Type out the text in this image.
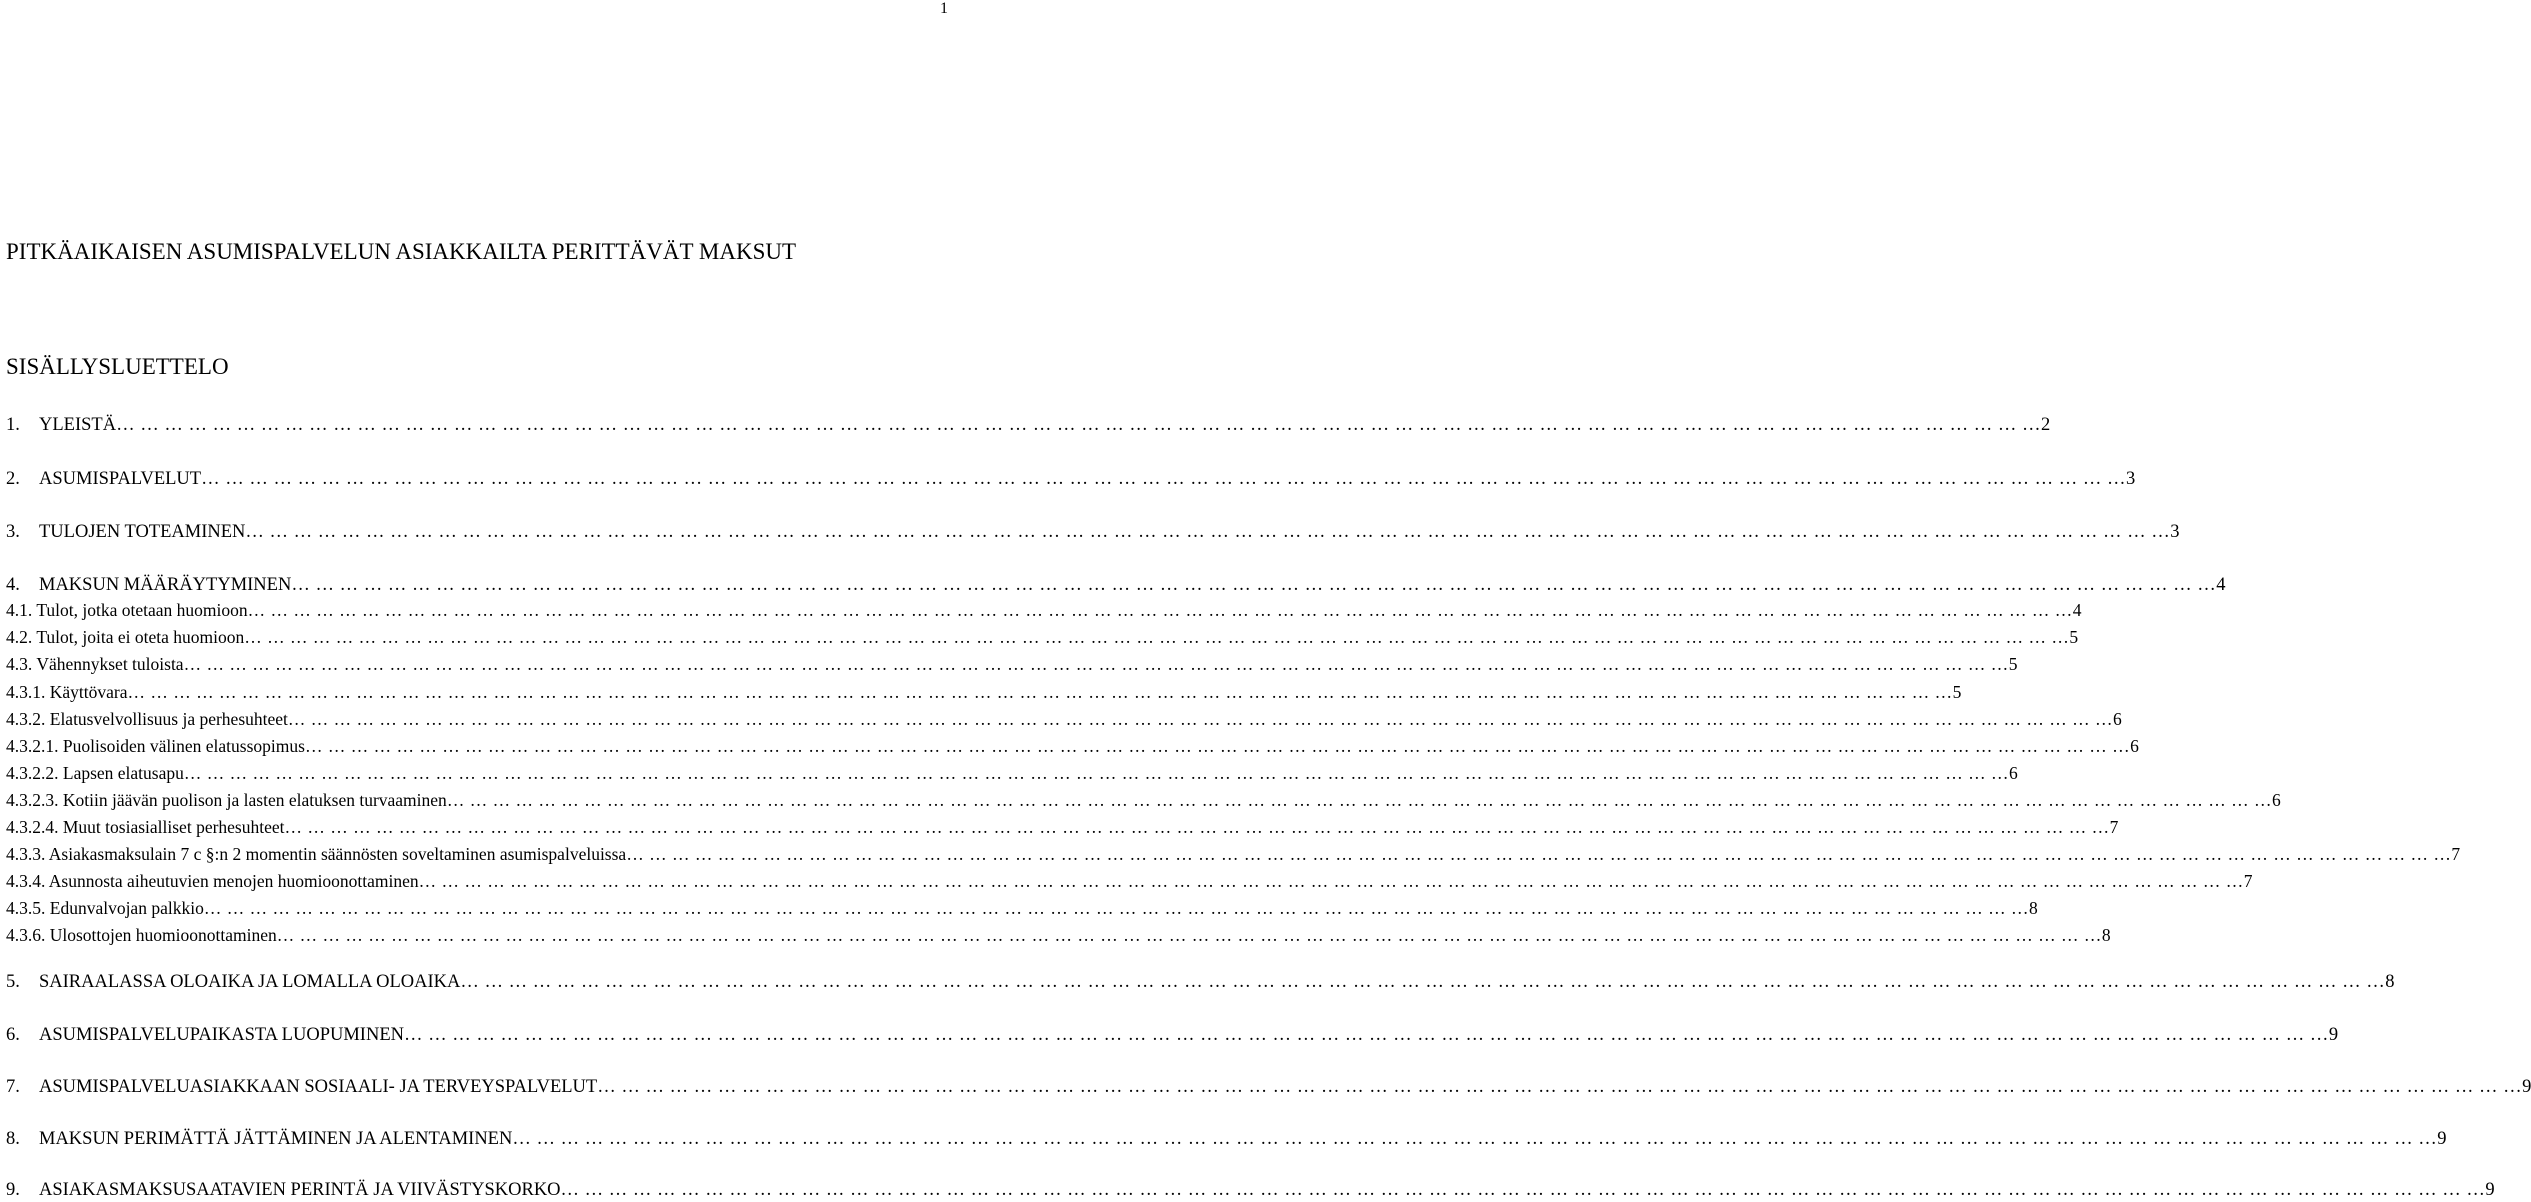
1
PITKÄAIKAISEN ASUMISPALVELUN ASIAKKAILTA PERITTÄVÄT MAKSUT
SISÄLLYSLUETTELO
1. YLEISTÄ … … … … … … … … … … … … … … … … … … … … … … … … … … … … … … … … … … … … … … … … … … … … … … … … … … … … … … … … … … … … … … … … … … … … … … … … … … … … … … … … 2
2. ASUMISPALVELUT … … … … … … … … … … … … … … … … … … … … … … … … … … … … … … … … … … … … … … … … … … … … … … … … … … … … … … … … … … … … … … … … … … … … … … … … … … … … … … … … 3
3. TULOJEN TOTEAMINEN … … … … … … … … … … … … … … … … … … … … … … … … … … … … … … … … … … … … … … … … … … … … … … … … … … … … … … … … … … … … … … … … … … … … … … … … … … … … … … … … 3
4. MAKSUN MÄÄRÄYTYMINEN … … … … … … … … … … … … … … … … … … … … … … … … … … … … … … … … … … … … … … … … … … … … … … … … … … … … … … … … … … … … … … … … … … … … … … … … … … … … … … … … 4
4.1. Tulot, jotka otetaan huomioon … … … … … … … … … … … … … … … … … … … … … … … … … … … … … … … … … … … … … … … … … … … … … … … … … … … … … … … … … … … … … … … … … … … … … … … … … … … … … … … … 4
4.2. Tulot, joita ei oteta huomioon … … … … … … … … … … … … … … … … … … … … … … … … … … … … … … … … … … … … … … … … … … … … … … … … … … … … … … … … … … … … … … … … … … … … … … … … … … … … … … … … 5
4.3. Vähennykset tuloista … … … … … … … … … … … … … … … … … … … … … … … … … … … … … … … … … … … … … … … … … … … … … … … … … … … … … … … … … … … … … … … … … … … … … … … … … … … … … … … … 5
4.3.1. Käyttövara … … … … … … … … … … … … … … … … … … … … … … … … … … … … … … … … … … … … … … … … … … … … … … … … … … … … … … … … … … … … … … … … … … … … … … … … … … … … … … … … 5
4.3.2. Elatusvelvollisuus ja perhesuhteet … … … … … … … … … … … … … … … … … … … … … … … … … … … … … … … … … … … … … … … … … … … … … … … … … … … … … … … … … … … … … … … … … … … … … … … … … … … … … … … … 6
4.3.2.1. Puolisoiden välinen elatussopimus … … … … … … … … … … … … … … … … … … … … … … … … … … … … … … … … … … … … … … … … … … … … … … … … … … … … … … … … … … … … … … … … … … … … … … … … … … … … … … … … 6
4.3.2.2. Lapsen elatusapu … … … … … … … … … … … … … … … … … … … … … … … … … … … … … … … … … … … … … … … … … … … … … … … … … … … … … … … … … … … … … … … … … … … … … … … … … … … … … … … … 6
4.3.2.3. Kotiin jäävän puolison ja lasten elatuksen turvaaminen … … … … … … … … … … … … … … … … … … … … … … … … … … … … … … … … … … … … … … … … … … … … … … … … … … … … … … … … … … … … … … … … … … … … … … … … … … … … … … … … 6
4.3.2.4. Muut tosiasialliset perhesuhteet … … … … … … … … … … … … … … … … … … … … … … … … … … … … … … … … … … … … … … … … … … … … … … … … … … … … … … … … … … … … … … … … … … … … … … … … … … … … … … … … 7
4.3.3. Asiakasmaksulain 7 c §:n 2 momentin säännösten soveltaminen asumispalveluissa … … … … … … … … … … … … … … … … … … … … … … … … … … … … … … … … … … … … … … … … … … … … … … … … … … … … … … … … … … … … … … … … … … … … … … … … … … … … … … … … 7
4.3.4. Asunnosta aiheutuvien menojen huomioonottaminen … … … … … … … … … … … … … … … … … … … … … … … … … … … … … … … … … … … … … … … … … … … … … … … … … … … … … … … … … … … … … … … … … … … … … … … … … … … … … … … … 7
4.3.5. Edunvalvojan palkkio … … … … … … … … … … … … … … … … … … … … … … … … … … … … … … … … … … … … … … … … … … … … … … … … … … … … … … … … … … … … … … … … … … … … … … … … … … … … … … … … 8
4.3.6. Ulosottojen huomioonottaminen … … … … … … … … … … … … … … … … … … … … … … … … … … … … … … … … … … … … … … … … … … … … … … … … … … … … … … … … … … … … … … … … … … … … … … … … … … … … … … … … 8
5. SAIRAALASSA OLOAIKA JA LOMALLA OLOAIKA … … … … … … … … … … … … … … … … … … … … … … … … … … … … … … … … … … … … … … … … … … … … … … … … … … … … … … … … … … … … … … … … … … … … … … … … … … … … … … … … 8
6. ASUMISPALVELUPAIKASTA LUOPUMINEN … … … … … … … … … … … … … … … … … … … … … … … … … … … … … … … … … … … … … … … … … … … … … … … … … … … … … … … … … … … … … … … … … … … … … … … … … … … … … … … … 9
7. ASUMISPALVELUASIAKKAAN SOSIAALI- JA TERVEYSPALVELUT … … … … … … … … … … … … … … … … … … … … … … … … … … … … … … … … … … … … … … … … … … … … … … … … … … … … … … … … … … … … … … … … … … … … … … … … … … … … … … … … 9
8. MAKSUN PERIMÄTTÄ JÄTTÄMINEN JA ALENTAMINEN … … … … … … … … … … … … … … … … … … … … … … … … … … … … … … … … … … … … … … … … … … … … … … … … … … … … … … … … … … … … … … … … … … … … … … … … … … … … … … … … 9
9. ASIAKASMAKSUSAATAVIEN PERINTÄ JA VIIVÄSTYSKORKO … … … … … … … … … … … … … … … … … … … … … … … … … … … … … … … … … … … … … … … … … … … … … … … … … … … … … … … … … … … … … … … … … … … … … … … … … … … … … … … … 9
